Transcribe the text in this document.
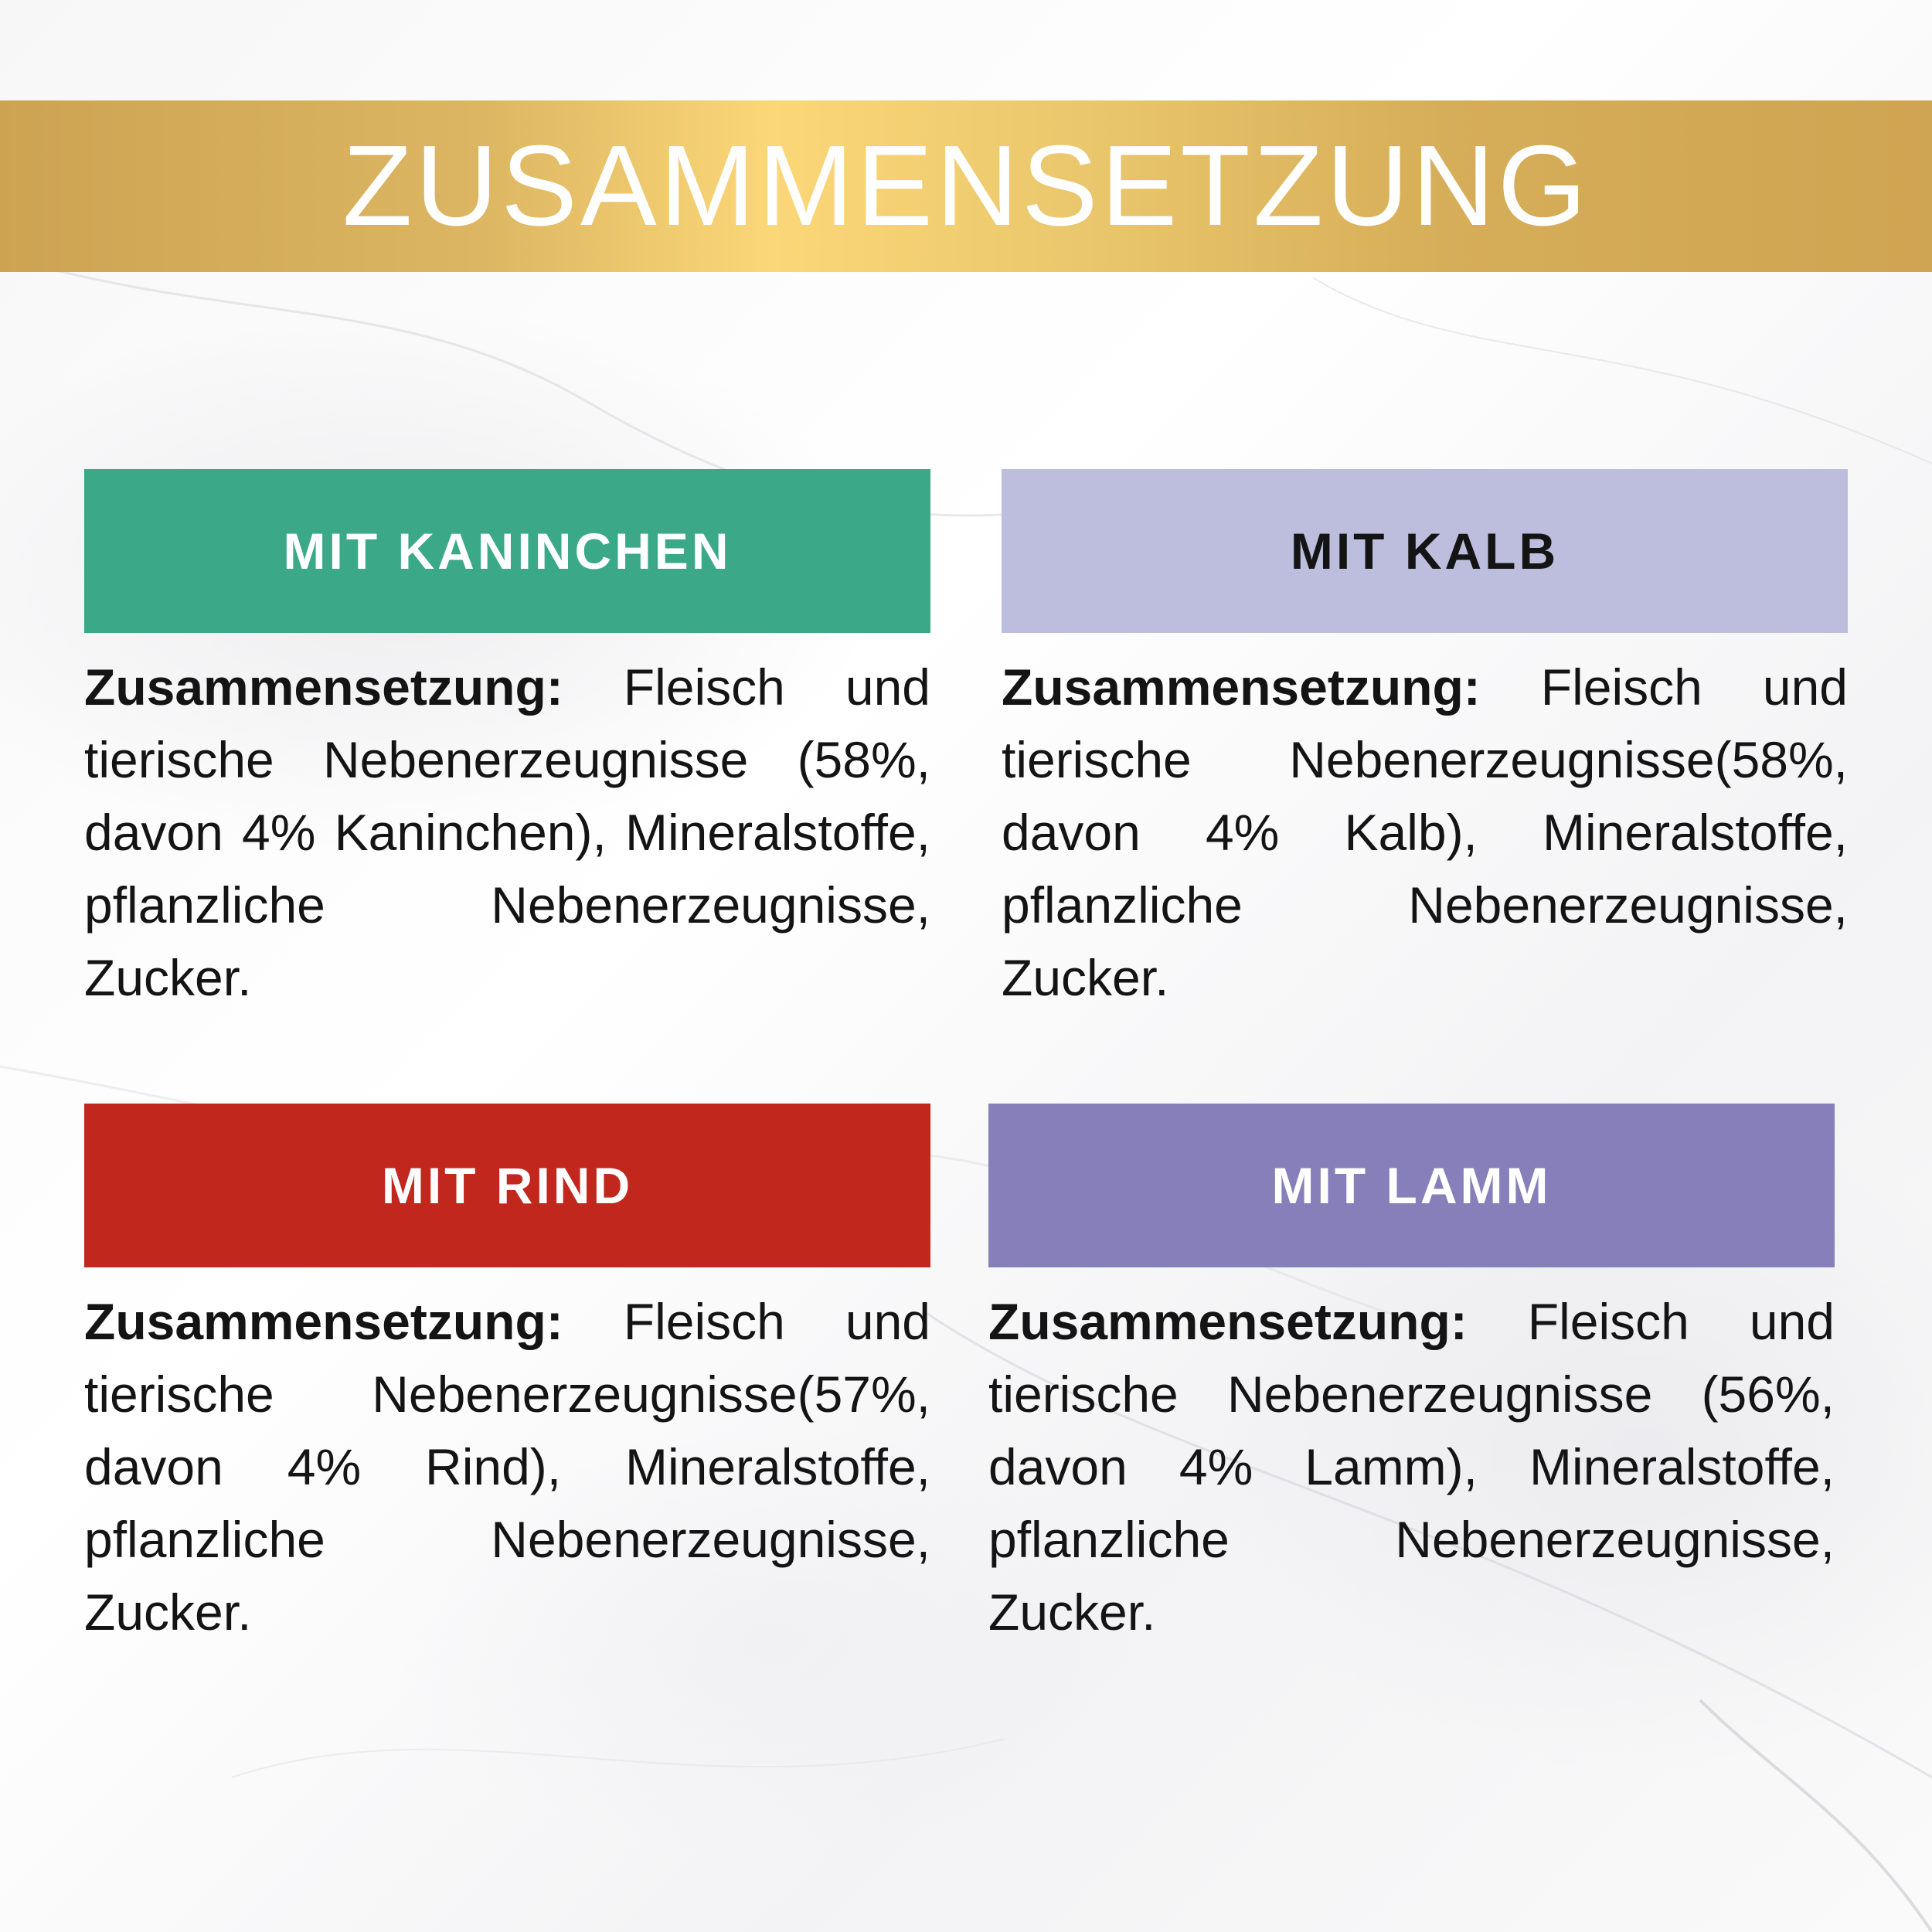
ZUSAMMENSETZUNG
MIT KANINCHEN
Zusammensetzung: Fleisch und tierische Nebenerzeugnisse (58%, davon 4% Kaninchen), Mineralstoffe, pflanzliche Nebenerzeugnisse, Zucker.
MIT KALB
Zusammensetzung: Fleisch und tierische Nebenerzeugnisse(58%, davon 4% Kalb), Mineralstoffe, pflanzliche Nebenerzeugnisse, Zucker.
MIT RIND
Zusammensetzung: Fleisch und tierische Nebenerzeugnisse(57%, davon 4% Rind), Mineralstoffe, pflanzliche Nebenerzeugnisse, Zucker.
MIT LAMM
Zusammensetzung: Fleisch und tierische Nebenerzeugnisse (56%, davon 4% Lamm), Mineralstoffe, pflanzliche Nebenerzeugnisse, Zucker.
